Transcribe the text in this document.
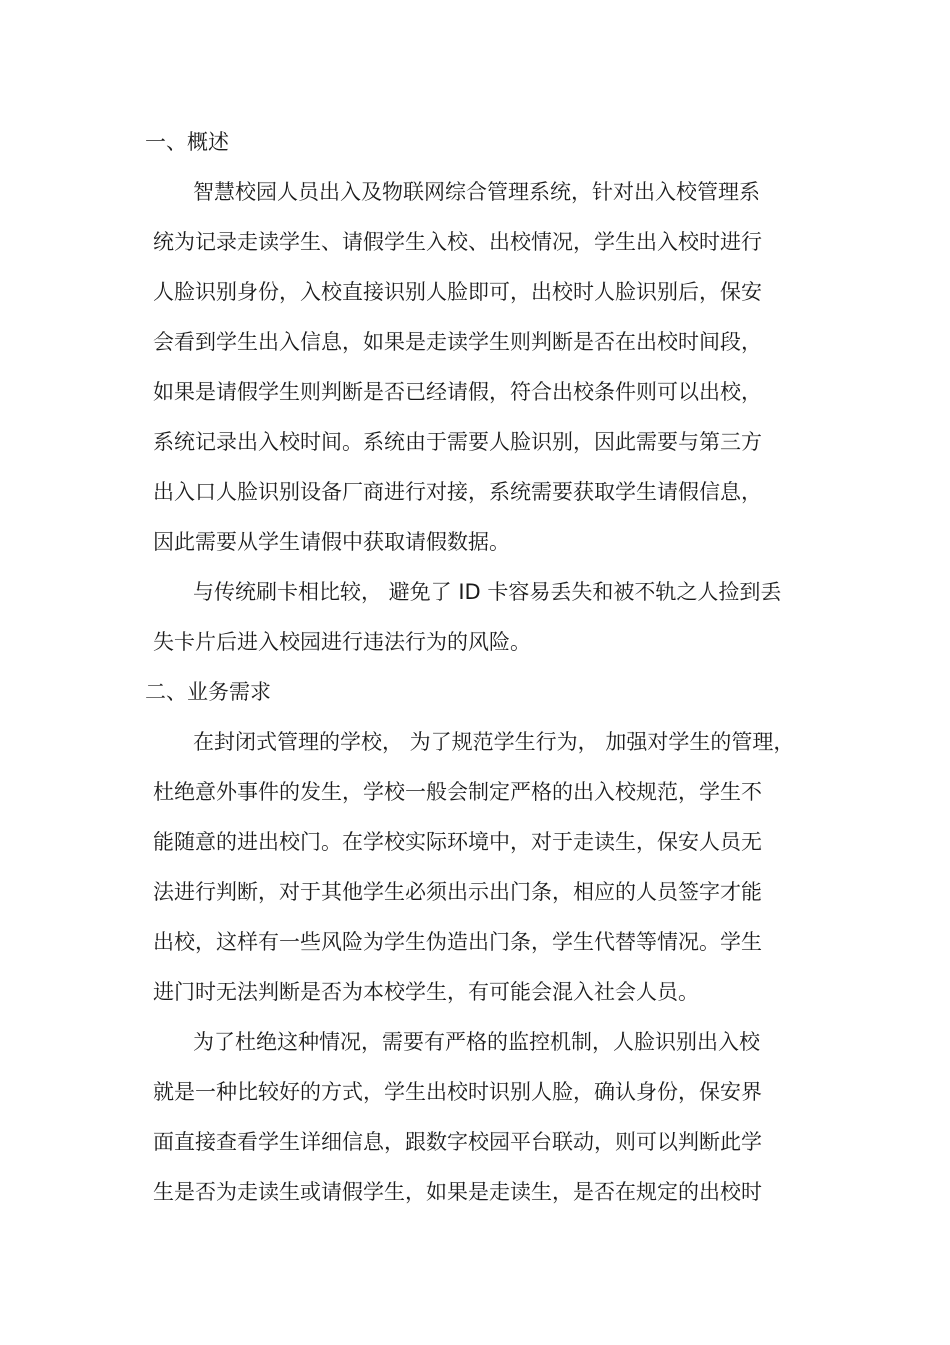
一、概述
智慧校园人员出入及物联网综合管理系统，针对出入校管理系
统为记录走读学生、请假学生入校、出校情况，学生出入校时进行
人脸识别身份，入校直接识别人脸即可，出校时人脸识别后，保安
会看到学生出入信息，如果是走读学生则判断是否在出校时间段，
如果是请假学生则判断是否已经请假，符合出校条件则可以出校，
系统记录出入校时间。系统由于需要人脸识别，因此需要与第三方
出入口人脸识别设备厂商进行对接，系统需要获取学生请假信息，
因此需要从学生请假中获取请假数据。
与传统刷卡相比较， 避免了 ID 卡容易丢失和被不轨之人捡到丢
失卡片后进入校园进行违法行为的风险。
二、业务需求
在封闭式管理的学校， 为了规范学生行为， 加强对学生的管理，
杜绝意外事件的发生，学校一般会制定严格的出入校规范，学生不
能随意的进出校门。在学校实际环境中，对于走读生，保安人员无
法进行判断，对于其他学生必须出示出门条，相应的人员签字才能
出校，这样有一些风险为学生伪造出门条，学生代替等情况。学生
进门时无法判断是否为本校学生，有可能会混入社会人员。
为了杜绝这种情况，需要有严格的监控机制，人脸识别出入校
就是一种比较好的方式，学生出校时识别人脸，确认身份，保安界
面直接查看学生详细信息，跟数字校园平台联动，则可以判断此学
生是否为走读生或请假学生，如果是走读生，是否在规定的出校时
